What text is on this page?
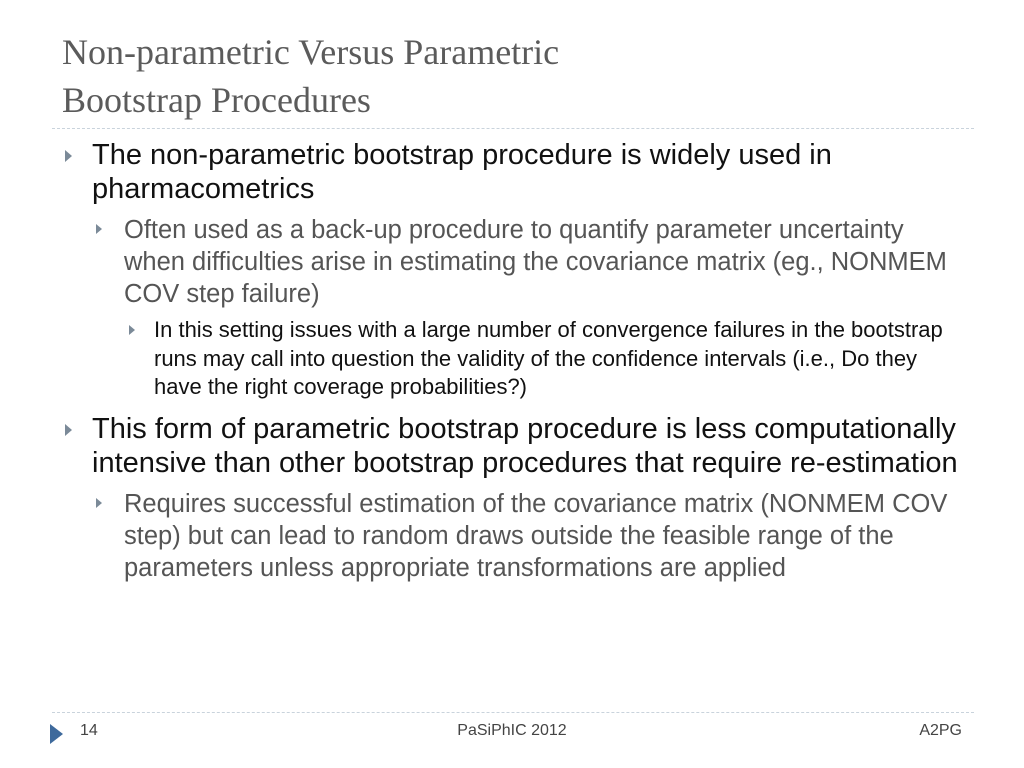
Non-parametric Versus Parametric
Bootstrap Procedures
The non-parametric bootstrap procedure is widely used in pharmacometrics
Often used as a back-up procedure to quantify parameter uncertainty when difficulties arise in estimating the covariance matrix (eg., NONMEM COV step failure)
In this setting issues with a large number of convergence failures in the bootstrap runs may call into question the validity of the confidence intervals (i.e., Do they have the right coverage probabilities?)
This form of parametric bootstrap procedure is less computationally intensive than other bootstrap procedures that require re-estimation
Requires successful estimation of the covariance matrix (NONMEM COV step) but can lead to random draws outside the feasible range of the parameters unless appropriate transformations are applied
14	PaSiPhIC 2012	A2PG
